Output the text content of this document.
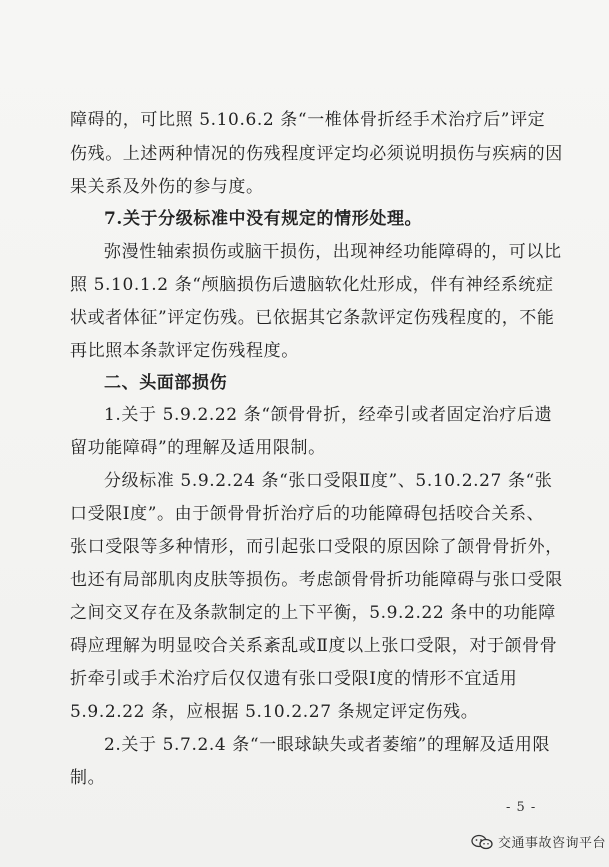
障碍的，可比照 5.10.6.2 条“一椎体骨折经手术治疗后”评定
伤残。上述两种情况的伤残程度评定均必须说明损伤与疾病的因
果关系及外伤的参与度。
7.关于分级标准中没有规定的情形处理。
弥漫性轴索损伤或脑干损伤，出现神经功能障碍的，可以比
照 5.10.1.2 条“颅脑损伤后遗脑软化灶形成，伴有神经系统症
状或者体征”评定伤残。已依据其它条款评定伤残程度的，不能
再比照本条款评定伤残程度。
二、头面部损伤
1.关于 5.9.2.22 条“颌骨骨折，经牵引或者固定治疗后遗
留功能障碍”的理解及适用限制。
分级标准 5.9.2.24 条“张口受限Ⅱ度”、5.10.2.27 条“张
口受限Ⅰ度”。由于颌骨骨折治疗后的功能障碍包括咬合关系、
张口受限等多种情形，而引起张口受限的原因除了颌骨骨折外，
也还有局部肌肉皮肤等损伤。考虑颌骨骨折功能障碍与张口受限
之间交叉存在及条款制定的上下平衡，5.9.2.22 条中的功能障
碍应理解为明显咬合关系紊乱或Ⅱ度以上张口受限，对于颌骨骨
折牵引或手术治疗后仅仅遗有张口受限Ⅰ度的情形不宜适用
5.9.2.22 条，应根据 5.10.2.27 条规定评定伤残。
2.关于 5.7.2.4 条“一眼球缺失或者萎缩”的理解及适用限
制。
- 5 -
交通事故咨询平台
